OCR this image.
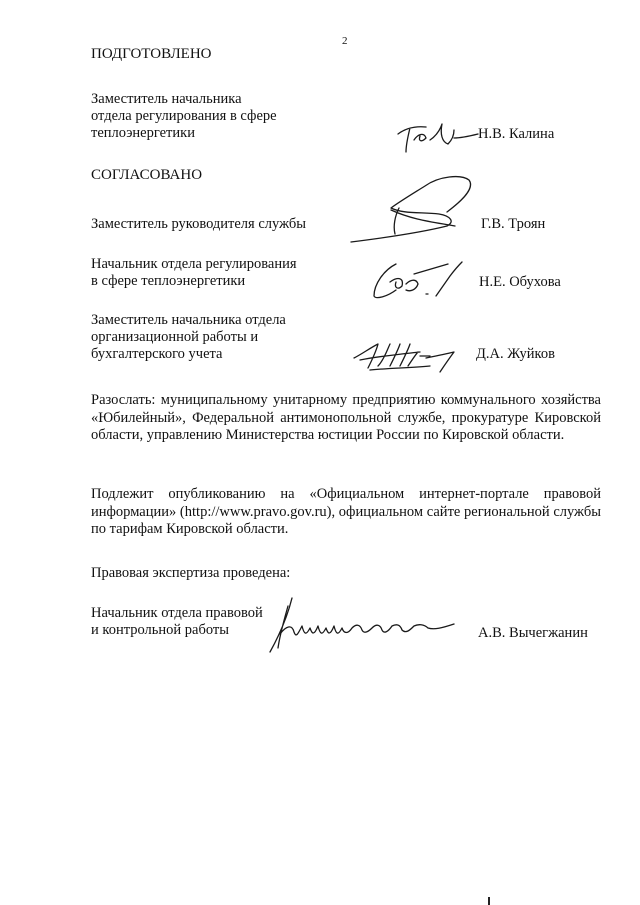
2
ПОДГОТОВЛЕНО
Заместитель начальника
отдела регулирования в сфере
теплоэнергетики	Н.В. Калина
СОГЛАСОВАНО
Заместитель руководителя службы	Г.В. Троян
Начальник отдела регулирования
в сфере теплоэнергетики	Н.Е. Обухова
Заместитель начальника отдела
организационной работы и
бухгалтерского учета	Д.А. Жуйков
Разослать: муниципальному унитарному предприятию коммунального хозяйства «Юбилейный», Федеральной антимонопольной службе, прокуратуре Кировской области, управлению Министерства юстиции России по Кировской области.
Подлежит опубликованию на «Официальном интернет-портале правовой информации» (http://www.pravo.gov.ru), официальном сайте региональной службы по тарифам Кировской области.
Правовая экспертиза проведена:
Начальник отдела правовой
и контрольной работы	А.В. Вычегжанин
